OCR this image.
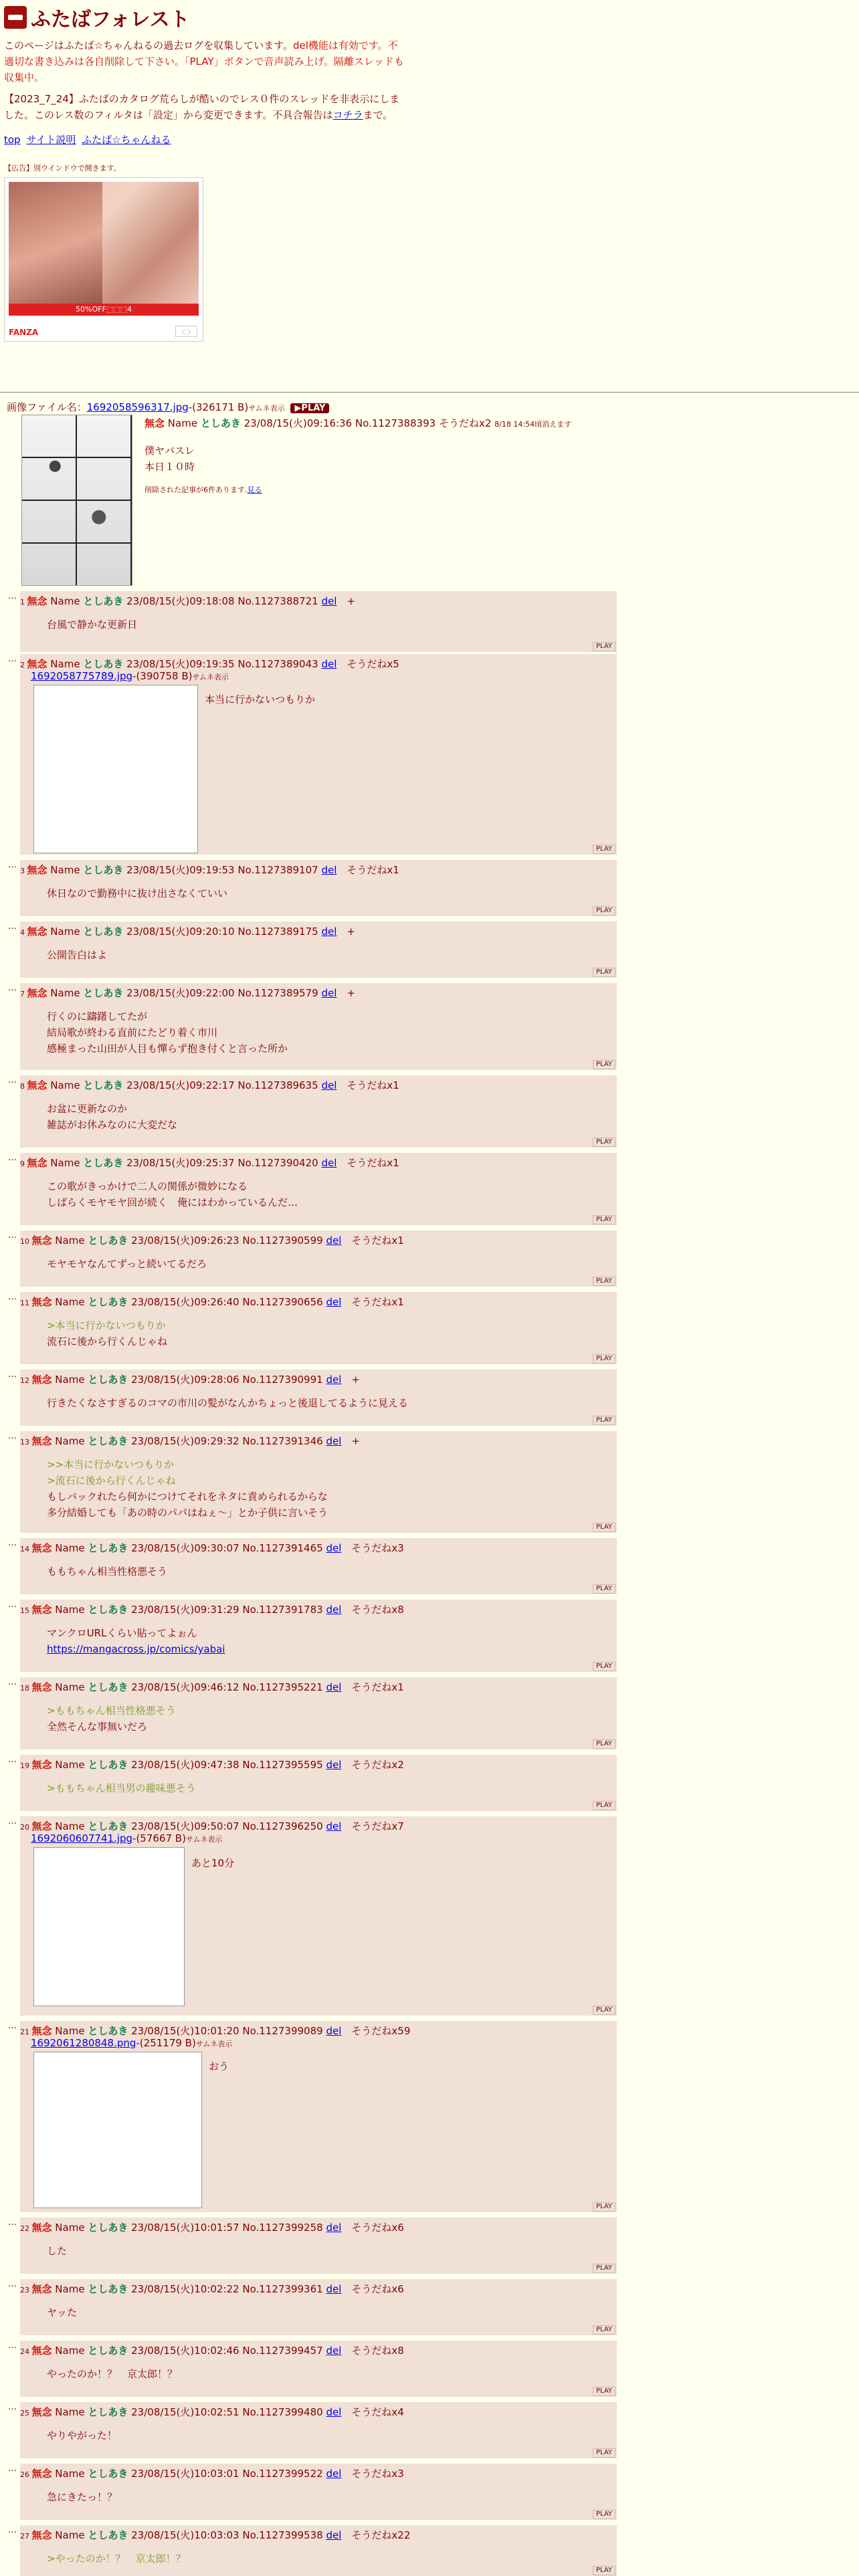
ふたばフォレスト

このページはふたば☆ちゃんねるの過去ログを収集しています。del機能は有効です。不適切な書き込みは各自削除して下さい。「PLAY」ボタンで音声読み上げ。隔離スレッドも収集中。

【2023_7_24】ふたばのカタログ荒らしが酷いのでレス０件のスレッドを非表示にしました。このレス数のフィルタは「設定」から変更できます。不具合報告はコチラまで。

top サイト説明 ふたば☆ちゃんねる
【広告】別ウインドウで開きます。
50%OFF⬚⬚⬚4
FANZA	〈 〉
画像ファイル名：1692058596317.jpg-(326171 B)サムネ表示 ▶PLAY
無念 Name としあき 23/08/15(火)09:16:36 No.1127388393 そうだねx2 8/18 14:54頃消えます
僕ヤバスレ
本日１０時
削除された記事が6件あります.見る
…
1 無念 Name としあき 23/08/15(火)09:18:08 No.1127388721 del　 +
台風で静かな更新日
PLAY
…
2 無念 Name としあき 23/08/15(火)09:19:35 No.1127389043 del　 そうだねx5
1692058775789.jpg-(390758 B)サムネ表示
本当に行かないつもりか
PLAY
…
3 無念 Name としあき 23/08/15(火)09:19:53 No.1127389107 del　 そうだねx1
休日なので勤務中に抜け出さなくていい
PLAY
…
4 無念 Name としあき 23/08/15(火)09:20:10 No.1127389175 del　 +
公開告白はよ
PLAY
…
7 無念 Name としあき 23/08/15(火)09:22:00 No.1127389579 del　 +
行くのに躊躇してたが
結局歌が終わる直前にたどり着く市川
感極まった山田が人目も憚らず抱き付くと言った所か
PLAY
…
8 無念 Name としあき 23/08/15(火)09:22:17 No.1127389635 del　 そうだねx1
お盆に更新なのか
雑誌がお休みなのに大変だな
PLAY
…
9 無念 Name としあき 23/08/15(火)09:25:37 No.1127390420 del　 そうだねx1
この歌がきっかけで二人の関係が微妙になる
しばらくモヤモヤ回が続く　俺にはわかっているんだ…
PLAY
…
10 無念 Name としあき 23/08/15(火)09:26:23 No.1127390599 del　 そうだねx1
モヤモヤなんてずっと続いてるだろ
PLAY
…
11 無念 Name としあき 23/08/15(火)09:26:40 No.1127390656 del　 そうだねx1
>本当に行かないつもりか
流石に後から行くんじゃね
PLAY
…
12 無念 Name としあき 23/08/15(火)09:28:06 No.1127390991 del　 +
行きたくなさすぎるのコマの市川の髪がなんかちょっと後退してるように見える
PLAY
…
13 無念 Name としあき 23/08/15(火)09:29:32 No.1127391346 del　 +
>>本当に行かないつもりか
>流石に後から行くんじゃね
もしバックれたら何かにつけてそれをネタに責められるからな
多分結婚しても「あの時のパパはねぇ～」とか子供に言いそう
PLAY
…
14 無念 Name としあき 23/08/15(火)09:30:07 No.1127391465 del　 そうだねx3
ももちゃん相当性格悪そう
PLAY
…
15 無念 Name としあき 23/08/15(火)09:31:29 No.1127391783 del　 そうだねx8
マンクロURLくらい貼ってよぉん
https://mangacross.jp/comics/yabai
PLAY
…
18 無念 Name としあき 23/08/15(火)09:46:12 No.1127395221 del　 そうだねx1
>ももちゃん相当性格悪そう
全然そんな事無いだろ
PLAY
…
19 無念 Name としあき 23/08/15(火)09:47:38 No.1127395595 del　 そうだねx2
>ももちゃん相当男の趣味悪そう
PLAY
…
20 無念 Name としあき 23/08/15(火)09:50:07 No.1127396250 del　 そうだねx7
1692060607741.jpg-(57667 B)サムネ表示
あと10分
PLAY
…
21 無念 Name としあき 23/08/15(火)10:01:20 No.1127399089 del　 そうだねx59
1692061280848.png-(251179 B)サムネ表示
おう
PLAY
…
22 無念 Name としあき 23/08/15(火)10:01:57 No.1127399258 del　 そうだねx6
した
PLAY
…
23 無念 Name としあき 23/08/15(火)10:02:22 No.1127399361 del　 そうだねx6
ヤッた
PLAY
…
24 無念 Name としあき 23/08/15(火)10:02:46 No.1127399457 del　 そうだねx8
やったのか！？　京太郎！？
PLAY
…
25 無念 Name としあき 23/08/15(火)10:02:51 No.1127399480 del　 そうだねx4
やりやがった！
PLAY
…
26 無念 Name としあき 23/08/15(火)10:03:01 No.1127399522 del　 そうだねx3
急にきたっ！？
PLAY
…
27 無念 Name としあき 23/08/15(火)10:03:03 No.1127399538 del　 そうだねx22
>やったのか！？　京太郎！？
PLAY
